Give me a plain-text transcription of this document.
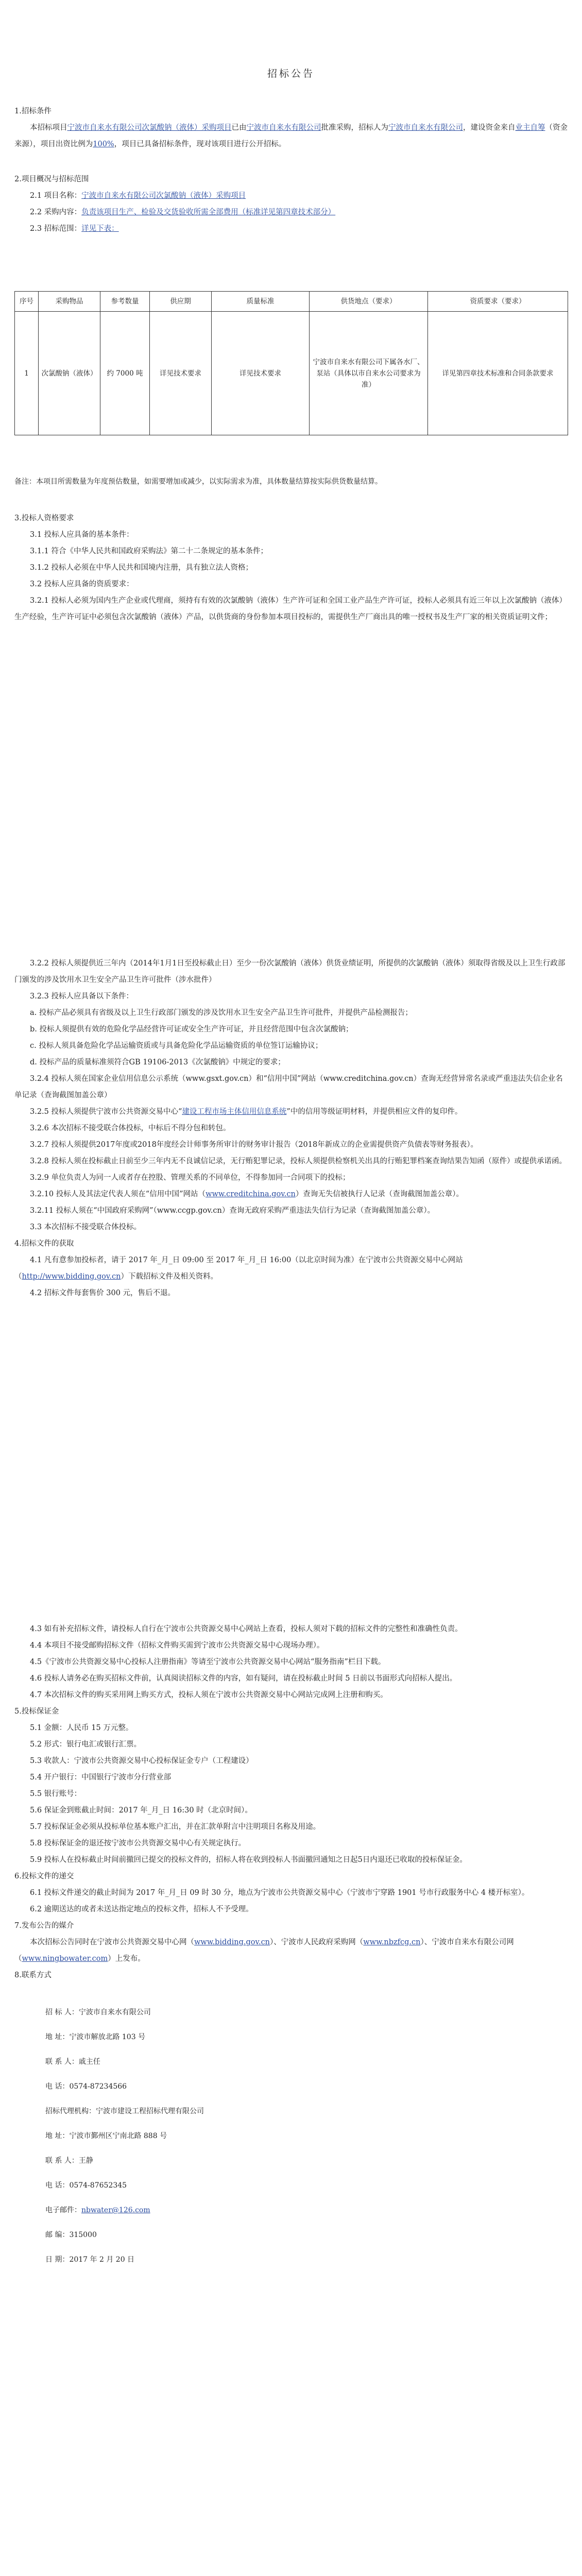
招标公告

1.招标条件

本招标项目宁波市自来水有限公司次氯酸钠（液体）采购项目已由宁波市自来水有限公司批准采购，招标人为宁波市自来水有限公司，建设资金来自业主自筹（资金来源），项目出资比例为100%，项目已具备招标条件，现对该项目进行公开招标。

2.项目概况与招标范围

2.1 项目名称：宁波市自来水有限公司次氯酸钠（液体）采购项目

2.2 采购内容：负责该项目生产、检验及交货验收所需全部费用（标准详见第四章技术部分）

2.3 招标范围：详见下表：

序号	采购物品	参考数量	供应期	质量标准	供货地点（要求）	资质要求（要求）
1	次氯酸钠（液体）	约 7000 吨	详见技术要求	详见技术要求	宁波市自来水有限公司下属各水厂、泵站（具体以市自来水公司要求为准）	详见第四章技术标准和合同条款要求
备注：本项目所需数量为年度预估数量，如需要增加或减少，以实际需求为准，具体数量结算按实际供货数量结算。

3.投标人资格要求

3.1 投标人应具备的基本条件：

3.1.1 符合《中华人民共和国政府采购法》第二十二条规定的基本条件；

3.1.2 投标人必须在中华人民共和国境内注册，具有独立法人资格；

3.2 投标人应具备的资质要求：

3.2.1 投标人必须为国内生产企业或代理商，须持有有效的次氯酸钠（液体）生产许可证和全国工业产品生产许可证，投标人必须具有近三年以上次氯酸钠（液体）生产经验，生产许可证中必须包含次氯酸钠（液体）产品，以供货商的身份参加本项目投标的，需提供生产厂商出具的唯一授权书及生产厂家的相关资质证明文件；

3.2.2 投标人须提供近三年内（2014年1月1日至投标截止日）至少一份次氯酸钠（液体）供货业绩证明，所提供的次氯酸钠（液体）须取得省级及以上卫生行政部门颁发的涉及饮用水卫生安全产品卫生许可批件（涉水批件）

3.2.3 投标人应具备以下条件：

a. 投标产品必须具有省级及以上卫生行政部门颁发的涉及饮用水卫生安全产品卫生许可批件，并提供产品检测报告；

b. 投标人须提供有效的危险化学品经营许可证或安全生产许可证，并且经营范围中包含次氯酸钠；

c. 投标人须具备危险化学品运输资质或与具备危险化学品运输资质的单位签订运输协议；

d. 投标产品的质量标准须符合GB 19106-2013《次氯酸钠》中规定的要求；

3.2.4 投标人须在国家企业信用信息公示系统（www.gsxt.gov.cn）和“信用中国”网站（www.creditchina.gov.cn）查询无经营异常名录或严重违法失信企业名单记录（查询截图加盖公章）

3.2.5 投标人须提供宁波市公共资源交易中心“建设工程市场主体信用信息系统”中的信用等级证明材料，并提供相应文件的复印件。

3.2.6 本次招标不接受联合体投标，中标后不得分包和转包。

3.2.7 投标人须提供2017年度或2018年度经会计师事务所审计的财务审计报告（2018年新成立的企业需提供资产负债表等财务报表）。

3.2.8 投标人须在投标截止日前至少三年内无不良诚信记录，无行贿犯罪记录，投标人须提供检察机关出具的行贿犯罪档案查询结果告知函（原件）或提供承诺函。

3.2.9 单位负责人为同一人或者存在控股、管理关系的不同单位，不得参加同一合同项下的投标；

3.2.10 投标人及其法定代表人须在“信用中国”网站（www.creditchina.gov.cn）查询无失信被执行人记录（查询截图加盖公章）。

3.2.11 投标人须在“中国政府采购网”（www.ccgp.gov.cn）查询无政府采购严重违法失信行为记录（查询截图加盖公章）。

3.3 本次招标不接受联合体投标。

4.招标文件的获取

4.1 凡有意参加投标者，请于 2017 年_月_日 09:00 至 2017 年_月_日 16:00（以北京时间为准）在宁波市公共资源交易中心网站（http://www.bidding.gov.cn）下载招标文件及相关资料。

4.2 招标文件每套售价 300 元，售后不退。

4.3 如有补充招标文件，请投标人自行在宁波市公共资源交易中心网站上查看，投标人须对下载的招标文件的完整性和准确性负责。

4.4 本项目不接受邮购招标文件（招标文件购买需到宁波市公共资源交易中心现场办理）。

4.5《宁波市公共资源交易中心投标人注册指南》等请至宁波市公共资源交易中心网站“服务指南”栏目下载。

4.6 投标人请务必在购买招标文件前，认真阅读招标文件的内容，如有疑问，请在投标截止时间 5 日前以书面形式向招标人提出。

4.7 本次招标文件的购买采用网上购买方式，投标人须在宁波市公共资源交易中心网站完成网上注册和购买。

5.投标保证金

5.1 金额：人民币 15 万元整。

5.2 形式：银行电汇或银行汇票。

5.3 收款人：宁波市公共资源交易中心投标保证金专户（工程建设）

5.4 开户银行：中国银行宁波市分行营业部

5.5 银行账号：

5.6 保证金到账截止时间：2017 年_月_日 16:30 时（北京时间）。

5.7 投标保证金必须从投标单位基本账户汇出，并在汇款单附言中注明项目名称及用途。

5.8 投标保证金的退还按宁波市公共资源交易中心有关规定执行。

5.9 投标人在投标截止时间前撤回已提交的投标文件的，招标人将在收到投标人书面撤回通知之日起5日内退还已收取的投标保证金。

6.投标文件的递交

6.1 投标文件递交的截止时间为 2017 年_月_日 09 时 30 分，地点为宁波市公共资源交易中心（宁波市宁穿路 1901 号市行政服务中心 4 楼开标室）。

6.2 逾期送达的或者未送达指定地点的投标文件，招标人不予受理。

7.发布公告的媒介

本次招标公告同时在宁波市公共资源交易中心网（www.bidding.gov.cn）、宁波市人民政府采购网（www.nbzfcg.cn）、宁波市自来水有限公司网（www.ningbowater.com）上发布。

8.联系方式

招 标 人：宁波市自来水有限公司

地 址：宁波市解放北路 103 号

联 系 人：戚主任

电 话：0574-87234566

招标代理机构：宁波市建设工程招标代理有限公司

地 址：宁波市鄞州区宁南北路 888 号

联 系 人：王静

电 话：0574-87652345

电子邮件：nbwater@126.com

邮 编：315000

日 期：2017 年 2 月 20 日
